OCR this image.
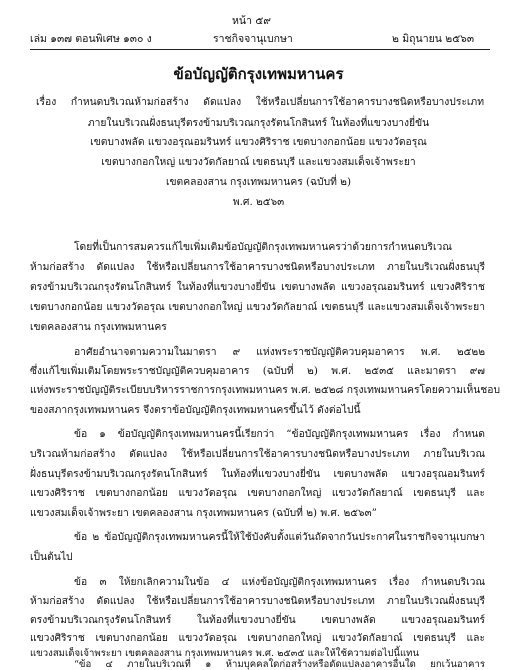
หน้า ๕๙
เล่ม ๑๓๗ ตอนพิเศษ ๑๓๐ ง	ราชกิจจานุเบกษา	๒ มิถุนายน ๒๕๖๓
ข้อบัญญัติกรุงเทพมหานคร
เรื่อง กำหนดบริเวณห้ามก่อสร้าง ดัดแปลง ใช้หรือเปลี่ยนการใช้อาคารบางชนิดหรือบางประเภท
ภายในบริเวณฝั่งธนบุรีตรงข้ามบริเวณกรุงรัตนโกสินทร์ ในท้องที่แขวงบางยี่ขัน
เขตบางพลัด แขวงอรุณอมรินทร์ แขวงศิริราช เขตบางกอกน้อย แขวงวัดอรุณ
เขตบางกอกใหญ่ แขวงวัดกัลยาณ์ เขตธนบุรี และแขวงสมเด็จเจ้าพระยา
เขตคลองสาน กรุงเทพมหานคร (ฉบับที่ ๒)
พ.ศ. ๒๕๖๓
โดยที่เป็นการสมควรแก้ไขเพิ่มเติมข้อบัญญัติกรุงเทพมหานครว่าด้วยการกำหนดบริเวณ
ห้ามก่อสร้าง ดัดแปลง ใช้หรือเปลี่ยนการใช้อาคารบางชนิดหรือบางประเภท ภายในบริเวณฝั่งธนบุรี
ตรงข้ามบริเวณกรุงรัตนโกสินทร์ ในท้องที่แขวงบางยี่ขัน เขตบางพลัด แขวงอรุณอมรินทร์ แขวงศิริราช
เขตบางกอกน้อย แขวงวัดอรุณ เขตบางกอกใหญ่ แขวงวัดกัลยาณ์ เขตธนบุรี และแขวงสมเด็จเจ้าพระยา
เขตคลองสาน กรุงเทพมหานคร
อาศัยอำนาจตามความในมาตรา ๙ แห่งพระราชบัญญัติควบคุมอาคาร พ.ศ. ๒๕๒๒
ซึ่งแก้ไขเพิ่มเติมโดยพระราชบัญญัติควบคุมอาคาร (ฉบับที่ ๒) พ.ศ. ๒๕๓๕ และมาตรา ๙๗
แห่งพระราชบัญญัติระเบียบบริหารราชการกรุงเทพมหานคร พ.ศ. ๒๕๒๘ กรุงเทพมหานครโดยความเห็นชอบ
ของสภากรุงเทพมหานคร จึงตราข้อบัญญัติกรุงเทพมหานครขึ้นไว้ ดังต่อไปนี้
ข้อ ๑ ข้อบัญญัติกรุงเทพมหานครนี้เรียกว่า “ข้อบัญญัติกรุงเทพมหานคร เรื่อง กำหนด
บริเวณห้ามก่อสร้าง ดัดแปลง ใช้หรือเปลี่ยนการใช้อาคารบางชนิดหรือบางประเภท ภายในบริเวณ
ฝั่งธนบุรีตรงข้ามบริเวณกรุงรัตนโกสินทร์ ในท้องที่แขวงบางยี่ขัน เขตบางพลัด แขวงอรุณอมรินทร์
แขวงศิริราช เขตบางกอกน้อย แขวงวัดอรุณ เขตบางกอกใหญ่ แขวงวัดกัลยาณ์ เขตธนบุรี และ
แขวงสมเด็จเจ้าพระยา เขตคลองสาน กรุงเทพมหานคร (ฉบับที่ ๒) พ.ศ. ๒๕๖๓”
ข้อ ๒ ข้อบัญญัติกรุงเทพมหานครนี้ให้ใช้บังคับตั้งแต่วันถัดจากวันประกาศในราชกิจจานุเบกษา
เป็นต้นไป
ข้อ ๓ ให้ยกเลิกความในข้อ ๔ แห่งข้อบัญญัติกรุงเทพมหานคร เรื่อง กำหนดบริเวณ
ห้ามก่อสร้าง ดัดแปลง ใช้หรือเปลี่ยนการใช้อาคารบางชนิดหรือบางประเภท ภายในบริเวณฝั่งธนบุรี
ตรงข้ามบริเวณกรุงรัตนโกสินทร์ ในท้องที่แขวงบางยี่ขัน เขตบางพลัด แขวงอรุณอมรินทร์
แขวงศิริราช เขตบางกอกน้อย แขวงวัดอรุณ เขตบางกอกใหญ่ แขวงวัดกัลยาณ์ เขตธนบุรี และ
แขวงสมเด็จเจ้าพระยา เขตคลองสาน กรุงเทพมหานคร พ.ศ. ๒๕๓๕ และให้ใช้ความต่อไปนี้แทน
“ข้อ ๔ ภายในบริเวณที่ ๑ ห้ามบุคคลใดก่อสร้างหรือดัดแปลงอาคารอื่นใด ยกเว้นอาคาร
